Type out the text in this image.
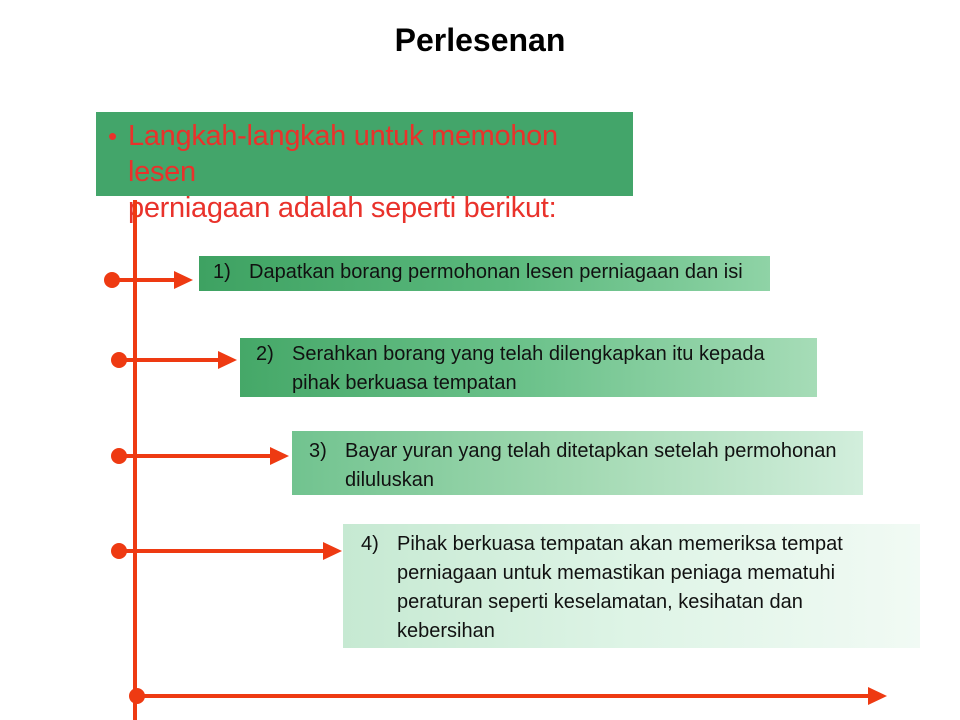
Perlesenan
• Langkah-langkah untuk memohon lesen
perniagaan adalah seperti berikut:
1) Dapatkan borang permohonan lesen perniagaan dan isi
2) Serahkan borang yang telah dilengkapkan itu kepada
pihak berkuasa tempatan
3) Bayar yuran yang telah ditetapkan setelah permohonan
diluluskan
4) Pihak berkuasa tempatan akan memeriksa tempat
perniagaan untuk memastikan peniaga mematuhi
peraturan seperti keselamatan, kesihatan dan
kebersihan
